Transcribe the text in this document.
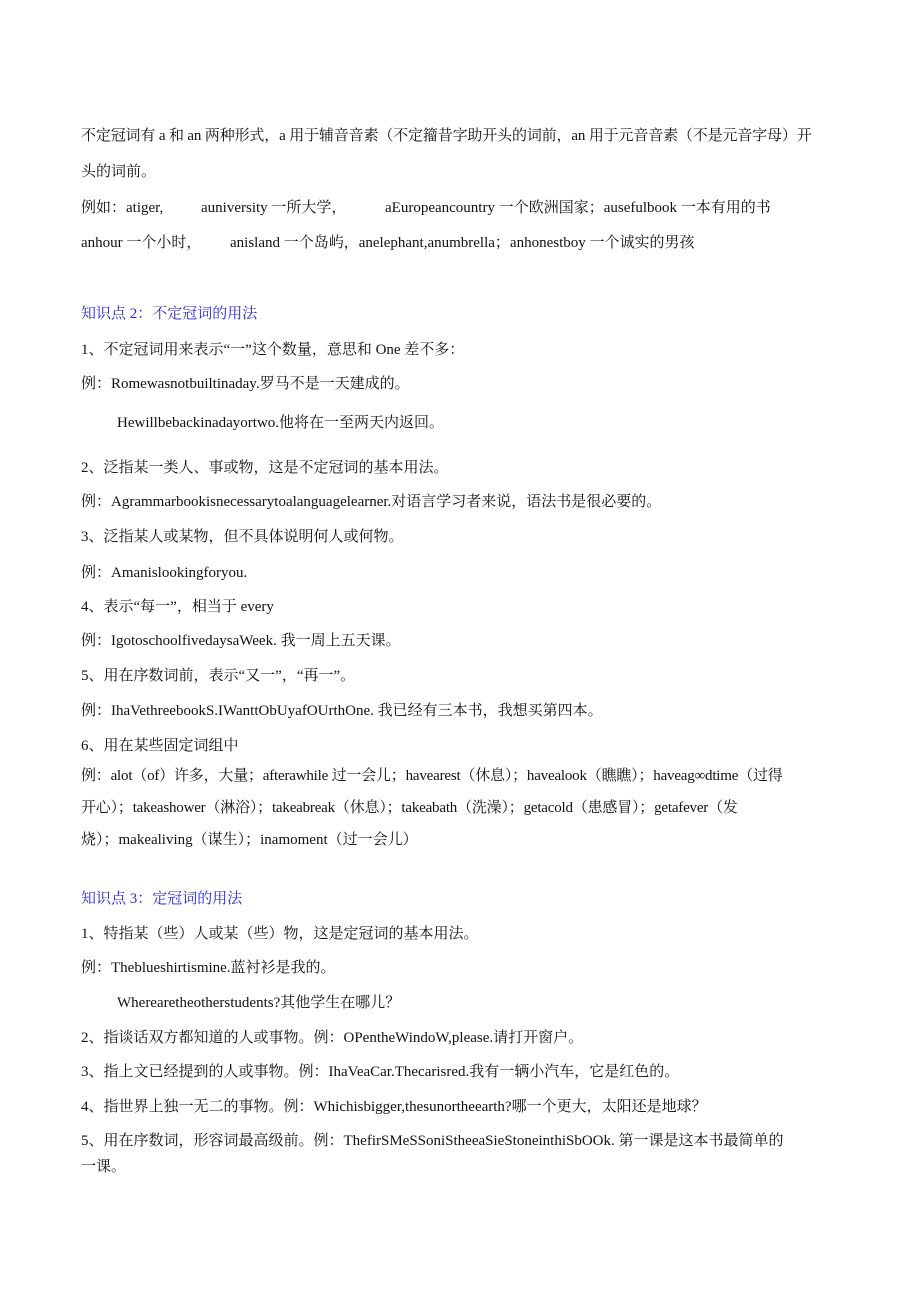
不定冠词有 a 和 an 两种形式，a 用于辅音音素（不定籀昔字助开头的词前，an 用于元音音素（不是元音字母）开
头的词前。
例如：atiger,	auniversity 一所大学，	aEuropeancountry 一个欧洲国家；ausefulbook 一本有用的书
anhour 一个小时， anisland 一个岛屿，anelephant,anumbrella；anhonestboy 一个诚实的男孩
知识点 2：不定冠词的用法
1、不定冠词用来表示“一”这个数量，意思和 One 差不多：
例：Romewasnotbuiltinaday.罗马不是一天建成的。
Hewillbebackinadayortwo.他将在一至两天内返回。
2、泛指某一类人、事或物，这是不定冠词的基本用法。
例：Agrammarbookisnecessarytoalanguagelearner.对语言学习者来说，语法书是很必要的。
3、泛指某人或某物，但不具体说明何人或何物。
例：Amanislookingforyou.
4、表示“每一”，相当于 every
例：IgotoschoolfivedaysaWeek. 我一周上五天课。
5、用在序数词前，表示“又一”，“再一”。
例：IhaVethreebookS.IWanttObUyafOUrthOne. 我已经有三本书，我想买第四本。
6、用在某些固定词组中
例：alot（of）许多，大量；afterawhile 过一会儿；havearest（休息）；havealook（瞧瞧）；haveag∞dtime（过得
开心）；takeashower（淋浴）；takeabreak（休息）；takeabath（洗澡）；getacold（患感冒）；getafever（发
烧）；makealiving（谋生）；inamoment（过一会儿）
知识点 3：定冠词的用法
1、特指某（些）人或某（些）物，这是定冠词的基本用法。
例：Theblueshirtismine.蓝衬衫是我的。
Wherearetheotherstudents?其他学生在哪儿？
2、指谈话双方都知道的人或事物。例：OPentheWindoW,please.请打开窗户。
3、指上文已经提到的人或事物。例：IhaVeaCar.Thecarisred.我有一辆小汽车，它是红色的。
4、指世界上独一无二的事物。例：Whichisbigger,thesunortheearth?哪一个更大，太阳还是地球？
5、用在序数词，形容词最高级前。例：ThefirSMeSSoniStheeaSieStoneinthiSbOOk. 第一课是这本书最简单的
一课。
